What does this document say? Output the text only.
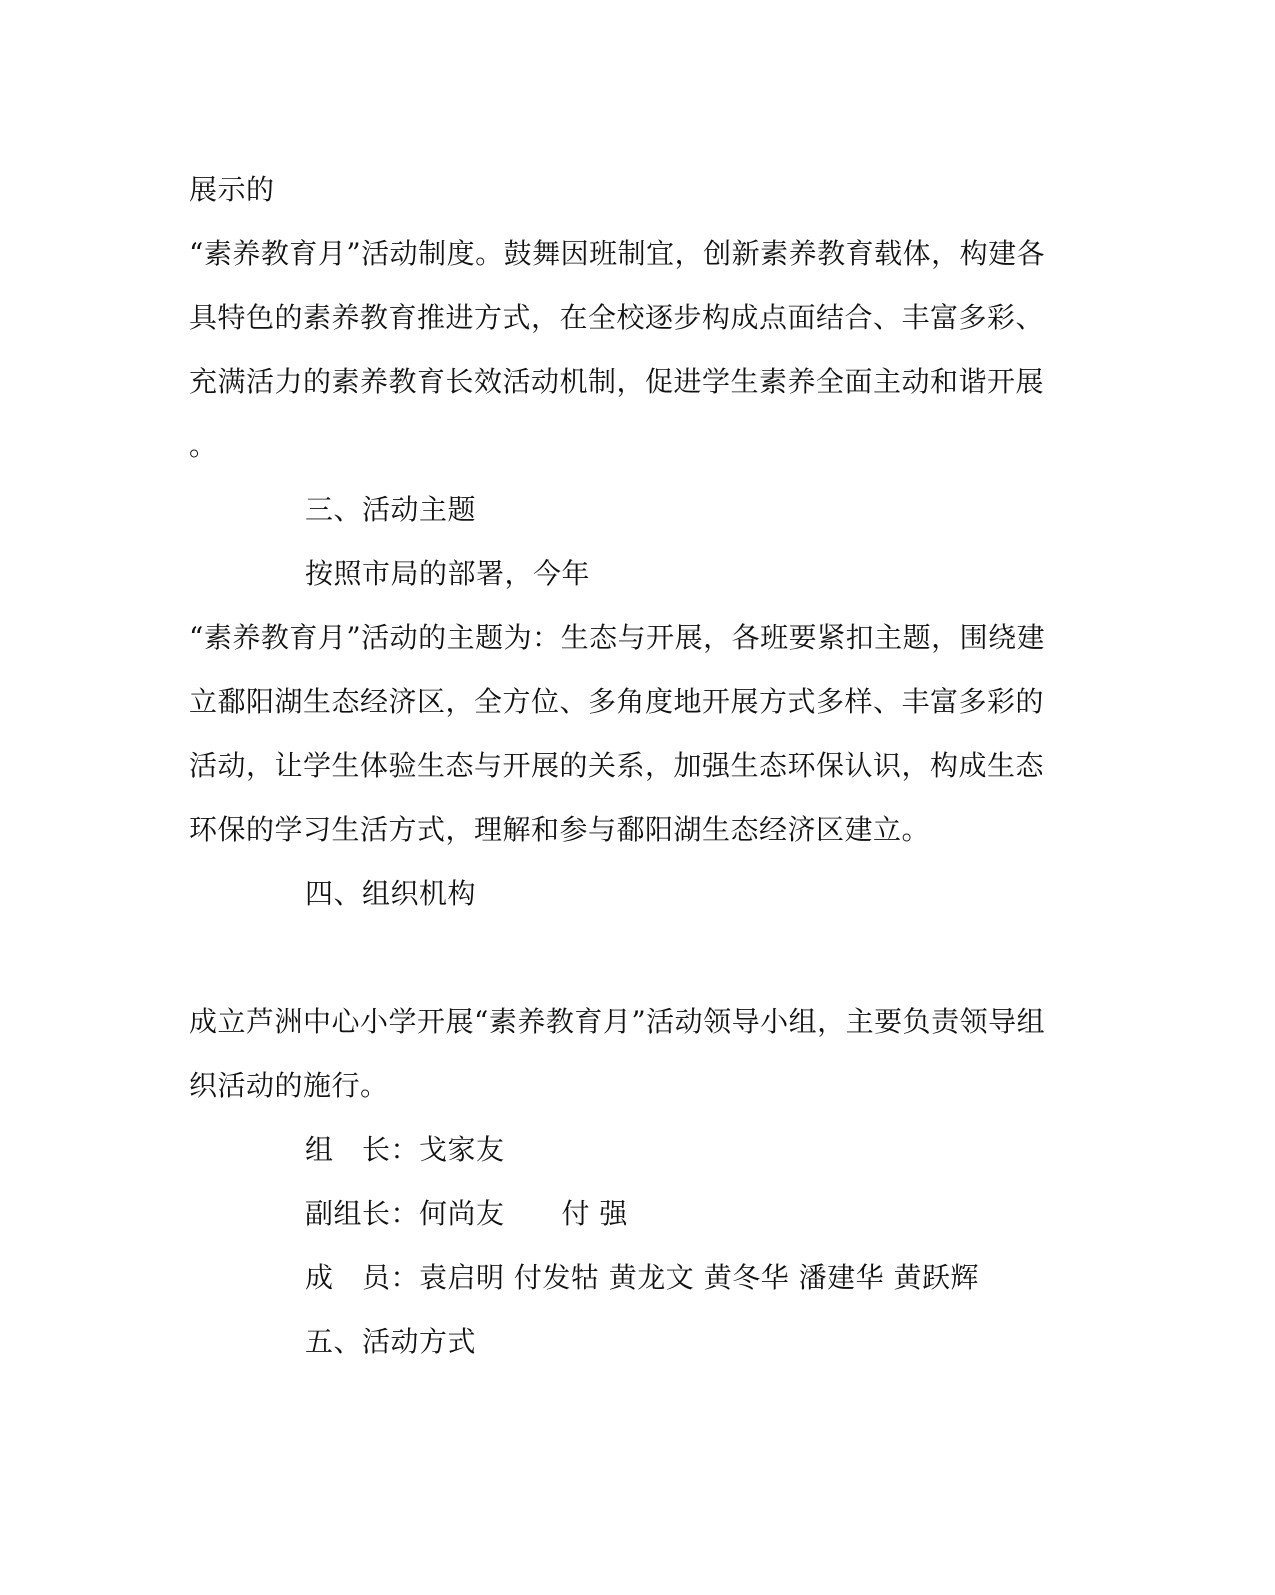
展示的
“素养教育月”活动制度。鼓舞因班制宜，创新素养教育载体，构建各
具特色的素养教育推进方式，在全校逐步构成点面结合、丰富多彩、
充满活力的素养教育长效活动机制，促进学生素养全面主动和谐开展
。
三、活动主题
按照市局的部署，今年
“素养教育月”活动的主题为：生态与开展，各班要紧扣主题，围绕建
立鄱阳湖生态经济区，全方位、多角度地开展方式多样、丰富多彩的
活动，让学生体验生态与开展的关系，加强生态环保认识，构成生态
环保的学习生活方式，理解和参与鄱阳湖生态经济区建立。
四、组织机构
成立芦洲中心小学开展“素养教育月”活动领导小组，主要负责领导组
织活动的施行。
组　长：戈家友
副组长：何尚友　　付 强
成　员：袁启明 付发牯 黄龙文 黄冬华 潘建华 黄跃辉
五、活动方式
